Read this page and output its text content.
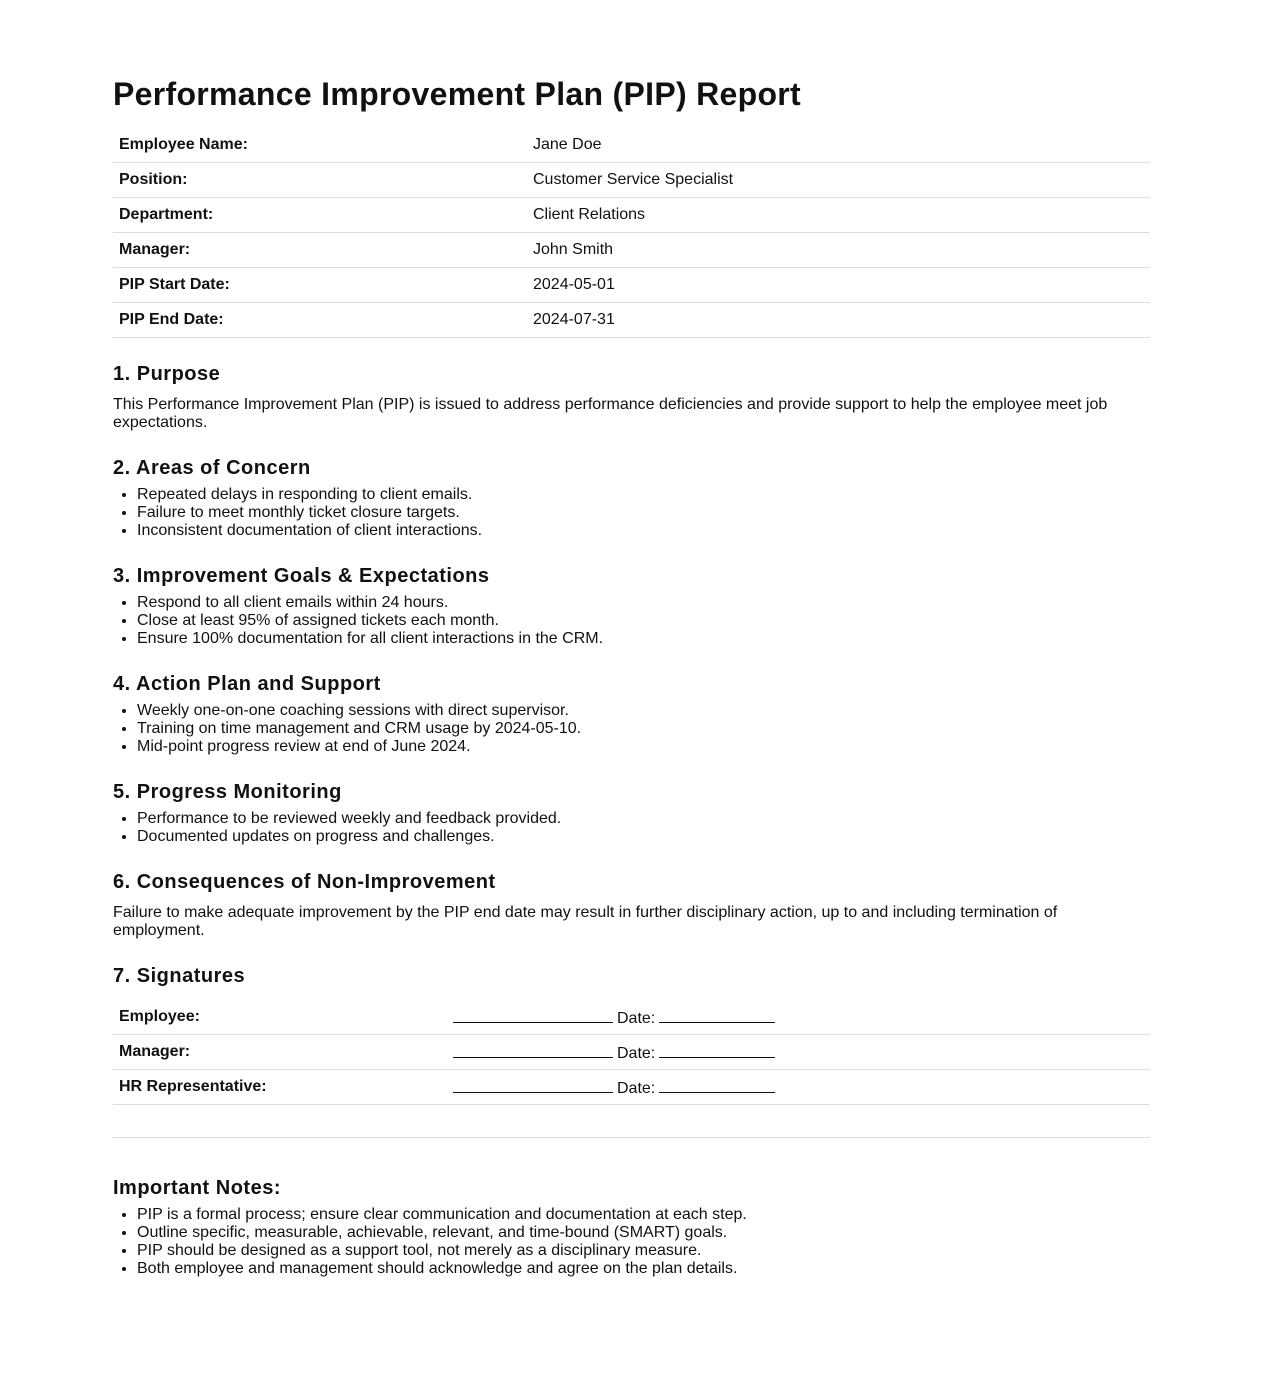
Performance Improvement Plan (PIP) Report
Employee Name:	Jane Doe
Position:	Customer Service Specialist
Department:	Client Relations
Manager:	John Smith
PIP Start Date:	2024-05-01
PIP End Date:	2024-07-31
1. Purpose

This Performance Improvement Plan (PIP) is issued to address performance deficiencies and provide support to help the employee meet job expectations.

2. Areas of Concern
• Repeated delays in responding to client emails.
• Failure to meet monthly ticket closure targets.
• Inconsistent documentation of client interactions.
3. Improvement Goals & Expectations
• Respond to all client emails within 24 hours.
• Close at least 95% of assigned tickets each month.
• Ensure 100% documentation for all client interactions in the CRM.
4. Action Plan and Support
• Weekly one-on-one coaching sessions with direct supervisor.
• Training on time management and CRM usage by 2024-05-10.
• Mid-point progress review at end of June 2024.
5. Progress Monitoring
• Performance to be reviewed weekly and feedback provided.
• Documented updates on progress and challenges.
6. Consequences of Non-Improvement

Failure to make adequate improvement by the PIP end date may result in further disciplinary action, up to and including termination of employment.

7. Signatures
Employee:	Date:
Manager:	Date:
HR Representative:	Date:
Important Notes:
• PIP is a formal process; ensure clear communication and documentation at each step.
• Outline specific, measurable, achievable, relevant, and time-bound (SMART) goals.
• PIP should be designed as a support tool, not merely as a disciplinary measure.
• Both employee and management should acknowledge and agree on the plan details.
